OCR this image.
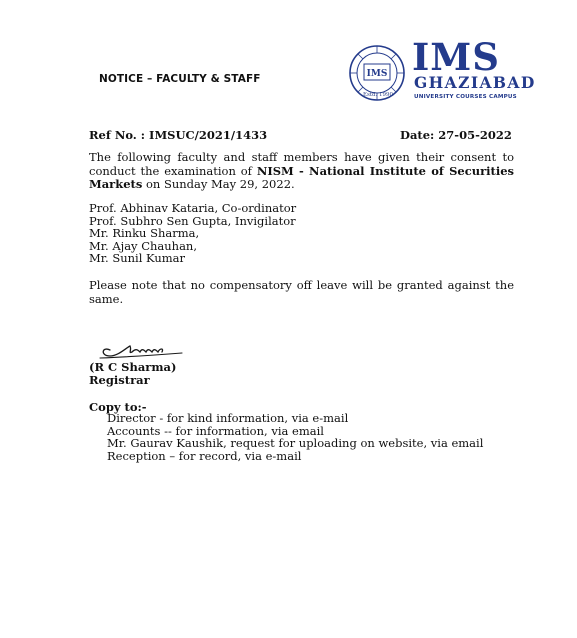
NOTICE – FACULTY & STAFF	IMS
Estd. 1990
IMS
GHAZIABAD
UNIVERSITY COURSES CAMPUS
Ref No. : IMSUC/2021/1433	Date: 27-05-2022

The following faculty and staff members have given their consent to conduct the examination of NISM - National Institute of Securities Markets on Sunday May 29, 2022.

Prof. Abhinav Kataria, Co-ordinator
Prof. Subhro Sen Gupta, Invigilator
Mr. Rinku Sharma,
Mr. Ajay Chauhan,
Mr. Sunil Kumar

Please note that no compensatory off leave will be granted against the same.

(R C Sharma)
Registrar
Copy to:-
Director - for kind information, via e-mail
Accounts -- for information, via email
Mr. Gaurav Kaushik, request for uploading on website, via email
Reception – for record, via e-mail
